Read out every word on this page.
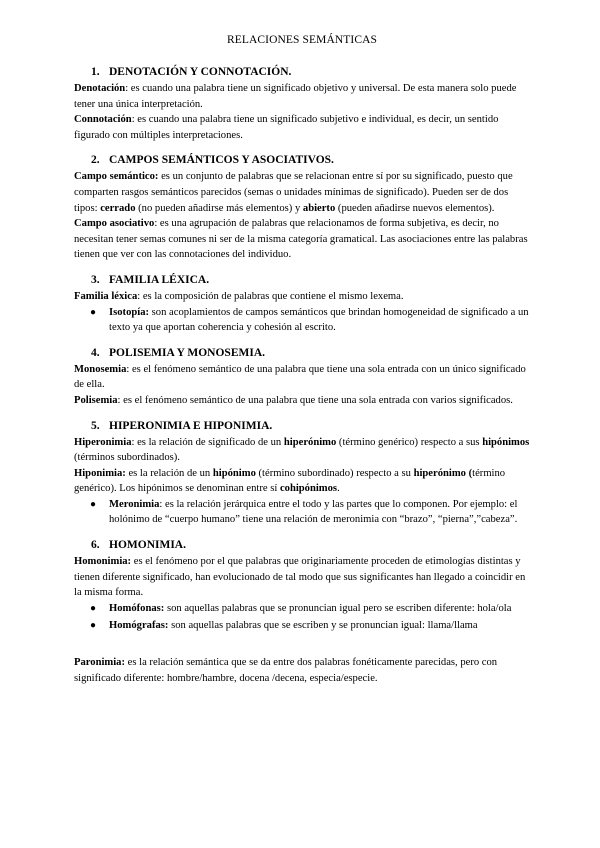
RELACIONES SEMÁNTICAS
1. DENOTACIÓN Y CONNOTACIÓN.

Denotación: es cuando una palabra tiene un significado objetivo y universal. De esta manera solo puede tener una única interpretación.

Connotación: es cuando una palabra tiene un significado subjetivo e individual, es decir, un sentido figurado con múltiples interpretaciones.

2. CAMPOS SEMÁNTICOS Y ASOCIATIVOS.

Campo semántico: es un conjunto de palabras que se relacionan entre sí por su significado, puesto que comparten rasgos semánticos parecidos (semas o unidades mínimas de significado). Pueden ser de dos tipos: cerrado (no pueden añadirse más elementos) y abierto (pueden añadirse nuevos elementos).

Campo asociativo: es una agrupación de palabras que relacionamos de forma subjetiva, es decir, no necesitan tener semas comunes ni ser de la misma categoría gramatical. Las asociaciones entre las palabras tienen que ver con las connotaciones del individuo.

3. FAMILIA LÉXICA.

Familia léxica: es la composición de palabras que contiene el mismo lexema.

● Isotopía: son acoplamientos de campos semánticos que brindan homogeneidad de significado a un texto ya que aportan coherencia y cohesión al escrito.
4. POLISEMIA Y MONOSEMIA.

Monosemia: es el fenómeno semántico de una palabra que tiene una sola entrada con un único significado de ella.

Polisemia: es el fenómeno semántico de una palabra que tiene una sola entrada con varios significados.

5. HIPERONIMIA E HIPONIMIA.

Hiperonimia: es la relación de significado de un hiperónimo (término genérico) respecto a sus hipónimos (términos subordinados).

Hiponimia: es la relación de un hipónimo (término subordinado) respecto a su hiperónimo (término genérico). Los hipónimos se denominan entre sí cohipónimos.

● Meronimia: es la relación jerárquica entre el todo y las partes que lo componen. Por ejemplo: el holónimo de “cuerpo humano” tiene una relación de meronimia con “brazo”, “pierna”,”cabeza”.
6. HOMONIMIA.

Homonimia: es el fenómeno por el que palabras que originariamente proceden de etimologías distintas y tienen diferente significado, han evolucionado de tal modo que sus significantes han llegado a coincidir en la misma forma.

● Homófonas: son aquellas palabras que se pronuncian igual pero se escriben diferente: hola/ola
● Homógrafas: son aquellas palabras que se escriben y se pronuncian igual: llama/llama

Paronimia: es la relación semántica que se da entre dos palabras fonéticamente parecidas, pero con significado diferente: hombre/hambre, docena /decena, especia/especie.
